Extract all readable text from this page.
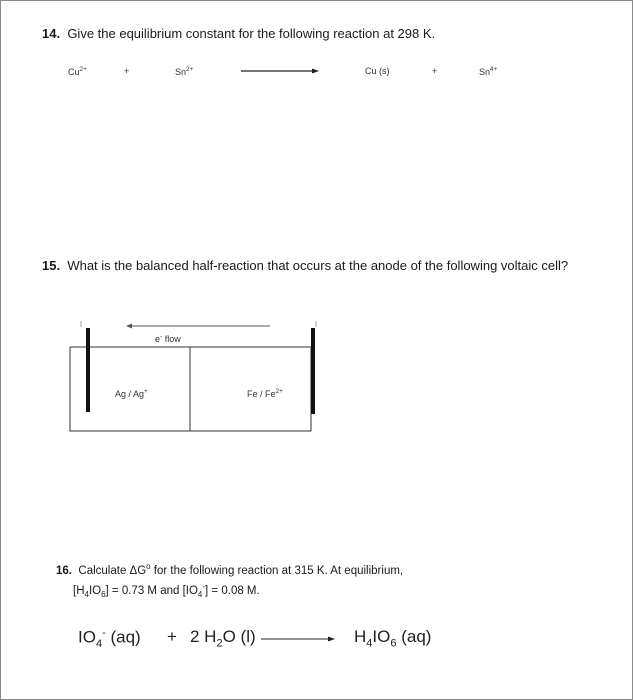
14. Give the equilibrium constant for the following reaction at 298 K.
$Cu^{2+}$	+	$Sn^{2+}$	Cu (s)	+	$Sn^{4+}$
15. What is the balanced half-reaction that occurs at the anode of the following voltaic cell?
e- flow
Ag / Ag+	Fe / $Fe^{2+}$
16. Calculate $\Delta G^o$ for the following reaction at 315 K. At equilibrium,
$[H_4IO_6] = 0.73$ M and $[IO_4^-] = 0.08$ M.
$IO_4^-$ (aq) + 2 $H_2O$ (l)	$H_4IO_6$ (aq)
